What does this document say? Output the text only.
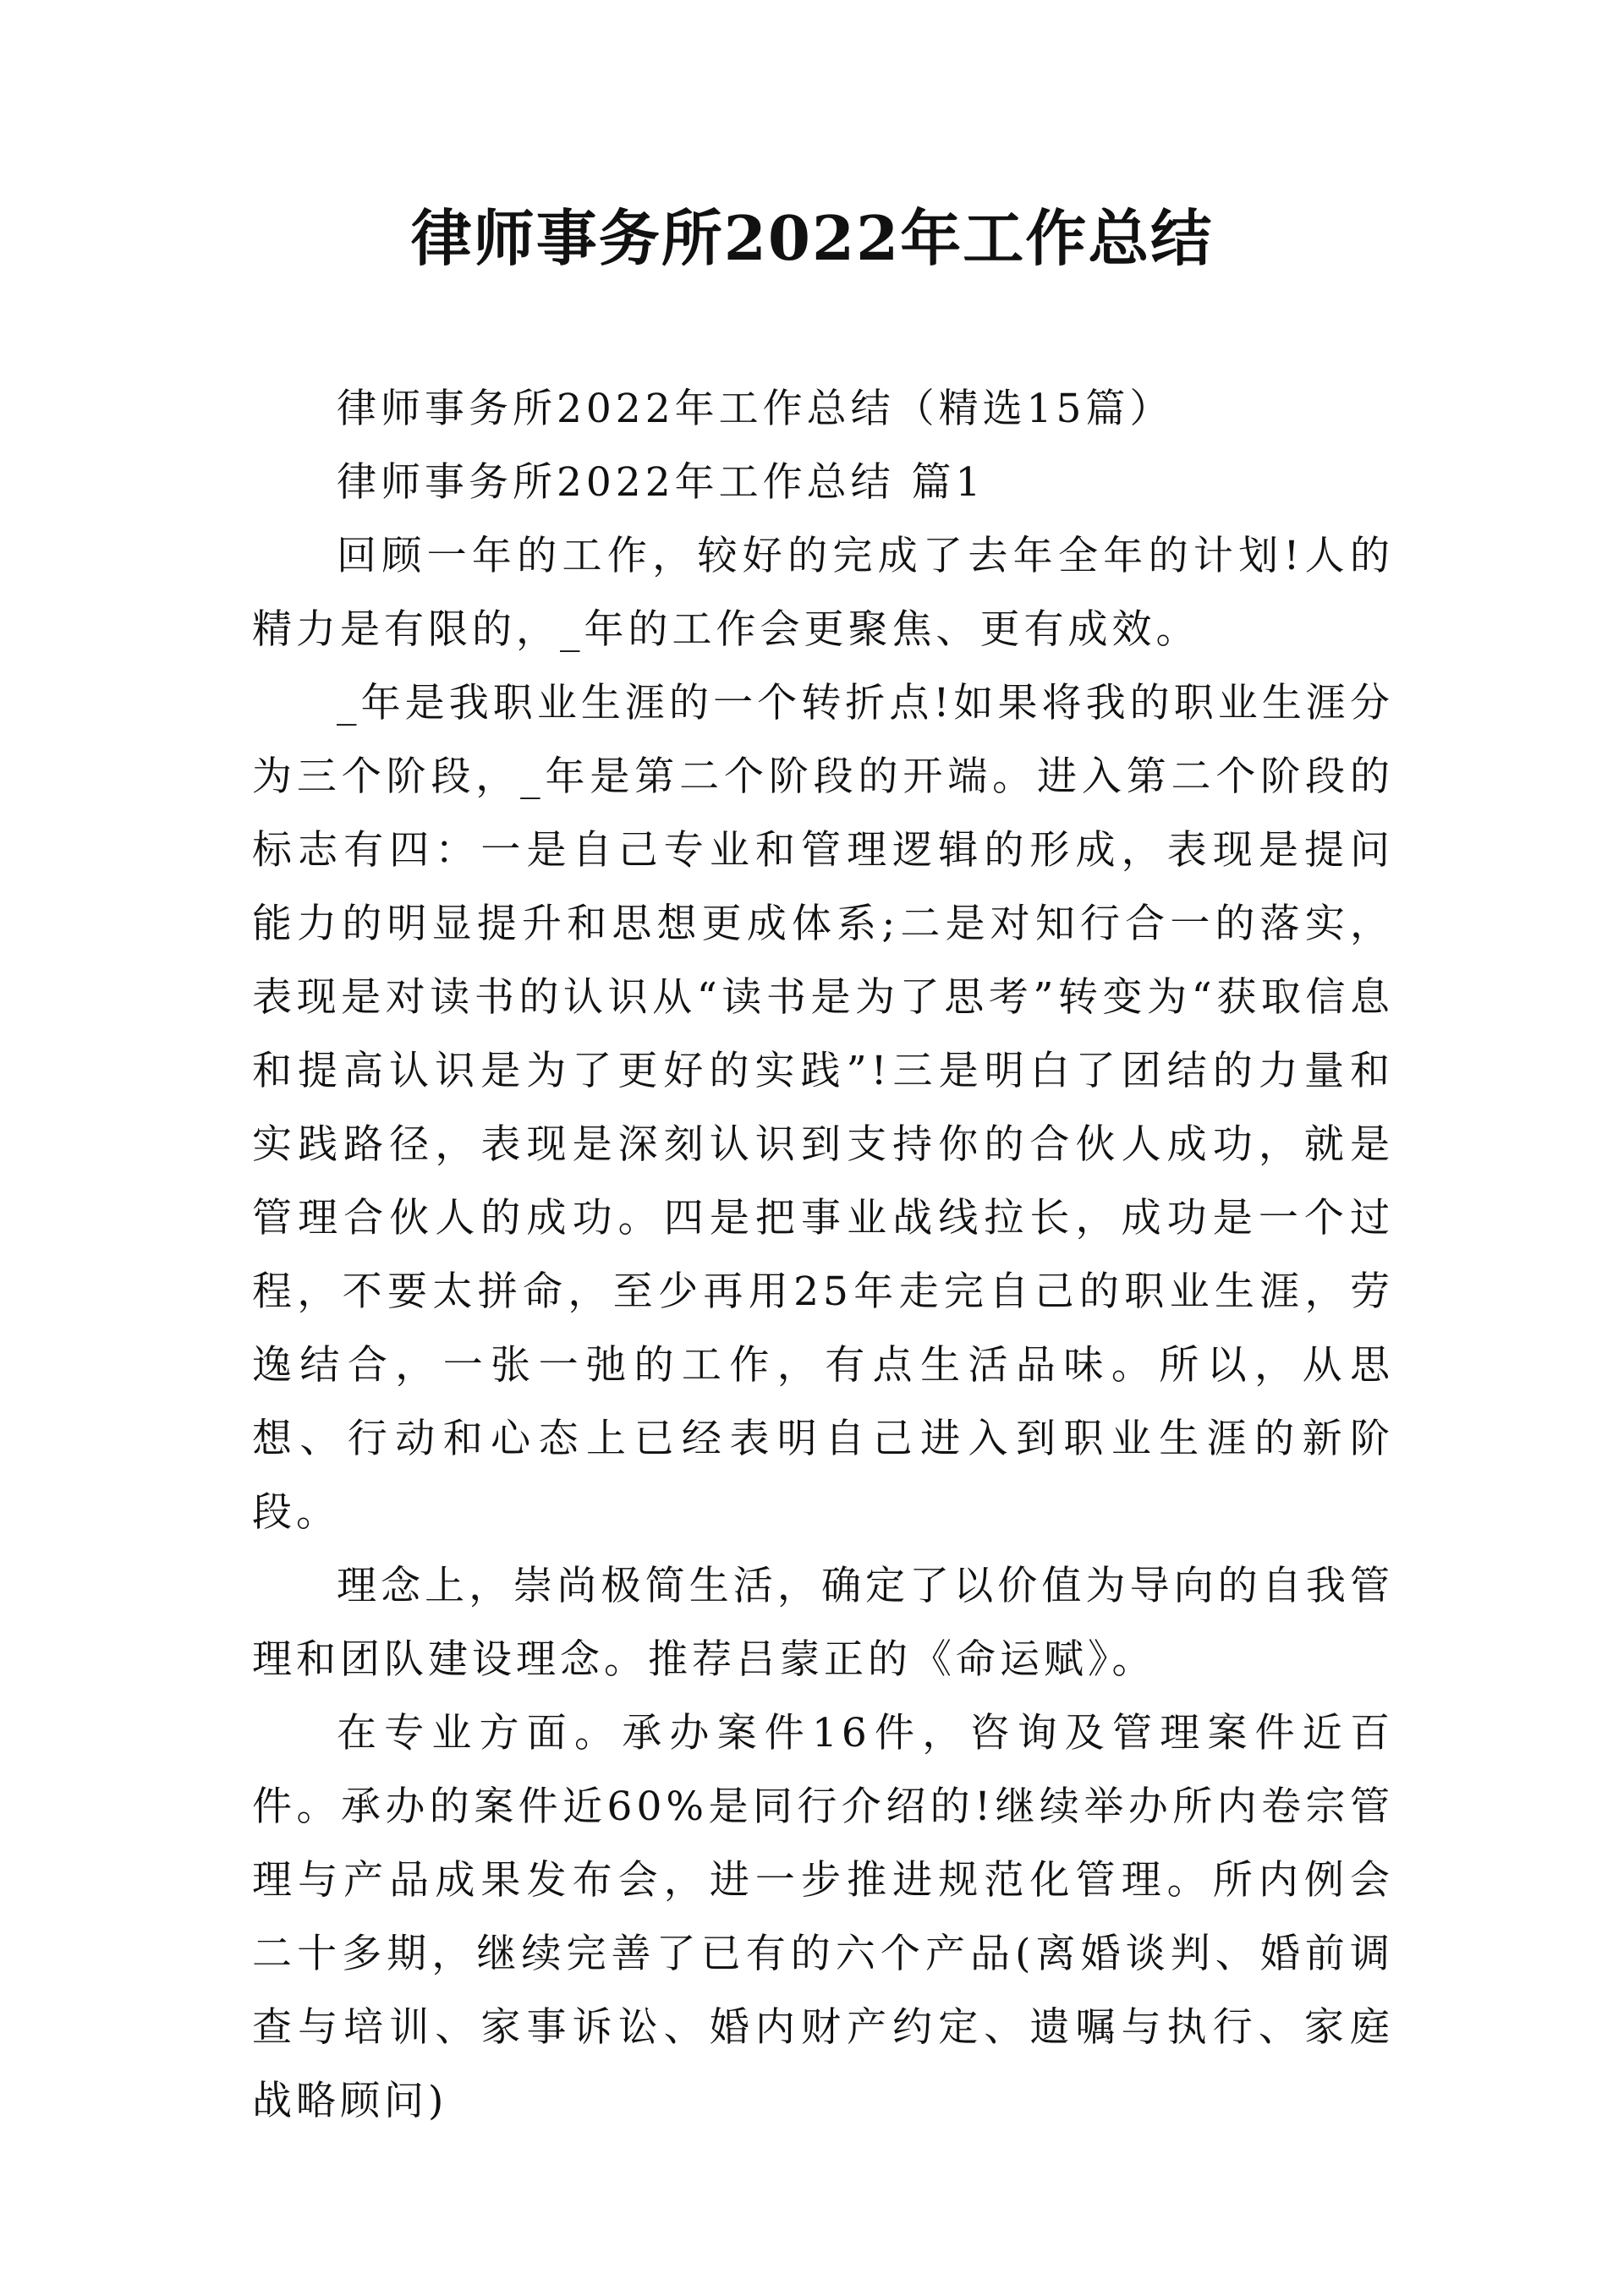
律师事务所2022年工作总结

律师事务所2022年工作总结（精选15篇）

律师事务所2022年工作总结 篇1

回顾一年的工作，较好的完成了去年全年的计划!人的精力是有限的，_年的工作会更聚焦、更有成效。

_年是我职业生涯的一个转折点!如果将我的职业生涯分为三个阶段，_年是第二个阶段的开端。进入第二个阶段的标志有四：一是自己专业和管理逻辑的形成，表现是提问能力的明显提升和思想更成体系;二是对知行合一的落实，表现是对读书的认识从“读书是为了思考”转变为“获取信息和提高认识是为了更好的实践”!三是明白了团结的力量和实践路径，表现是深刻认识到支持你的合伙人成功，就是管理合伙人的成功。四是把事业战线拉长，成功是一个过程，不要太拼命，至少再用25年走完自己的职业生涯，劳逸结合，一张一弛的工作，有点生活品味。所以，从思想、行动和心态上已经表明自己进入到职业生涯的新阶段。

理念上，崇尚极简生活，确定了以价值为导向的自我管理和团队建设理念。推荐吕蒙正的《命运赋》。

在专业方面。承办案件16件，咨询及管理案件近百件。承办的案件近60%是同行介绍的!继续举办所内卷宗管理与产品成果发布会，进一步推进规范化管理。所内例会二十多期，继续完善了已有的六个产品(离婚谈判、婚前调查与培训、家事诉讼、婚内财产约定、遗嘱与执行、家庭战略顾问)
